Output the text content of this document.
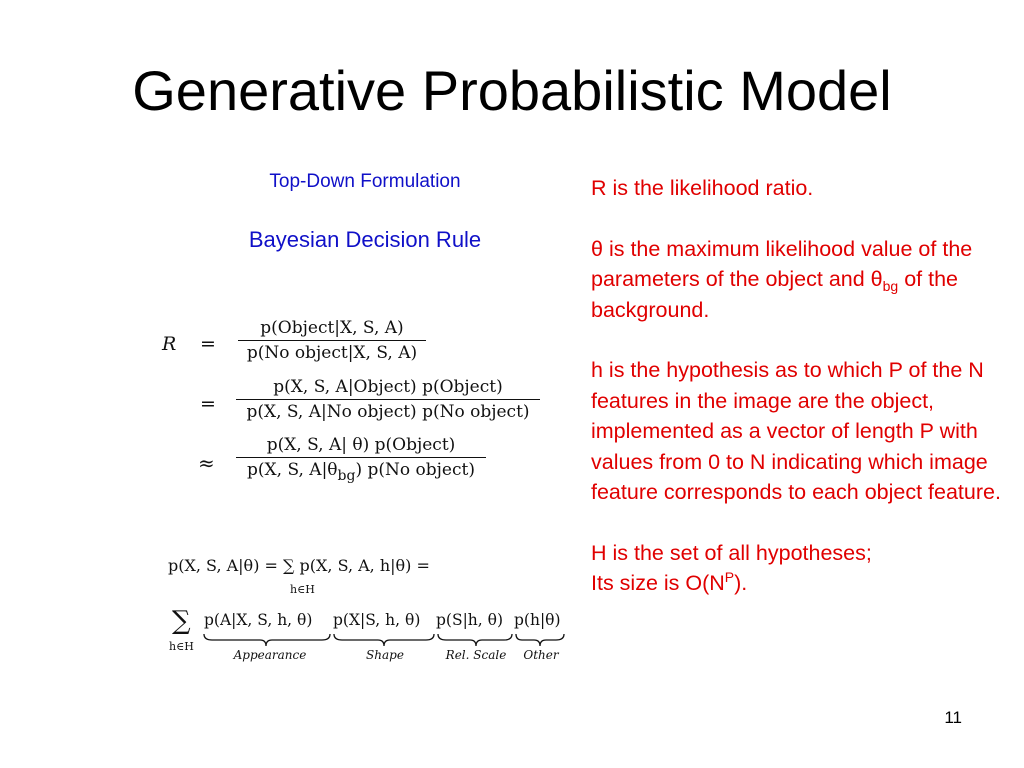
Generative Probabilistic Model
Top-Down Formulation
Bayesian Decision Rule
R =
p(Object|X, S, A)
p(No object|X, S, A)
=
p(X, S, A|Object) p(Object)
p(X, S, A|No object) p(No object)
≈
p(X, S, A| θ) p(Object)
p(X, S, $A|\theta_{bg}$) p(No object)
p(X, S, A|θ) = ∑ p(X, S, A, h|θ) =
h∈H
∑
h∈H
p(A|X, S, h, θ) p(X|S, h, θ) p(S|h, θ) p(h|θ)
Appearance	Shape	Rel. Scale	Other

R is the likelihood ratio.

θ is the maximum likelihood value of the parameters of the object and $\theta_{bg}$ of the background.

h is the hypothesis as to which P of the N features in the image are the object, implemented as a vector of length P with values from 0 to N indicating which image feature corresponds to each object feature.

H is the set of all hypotheses;
Its size is $O(N^P)$.

11
